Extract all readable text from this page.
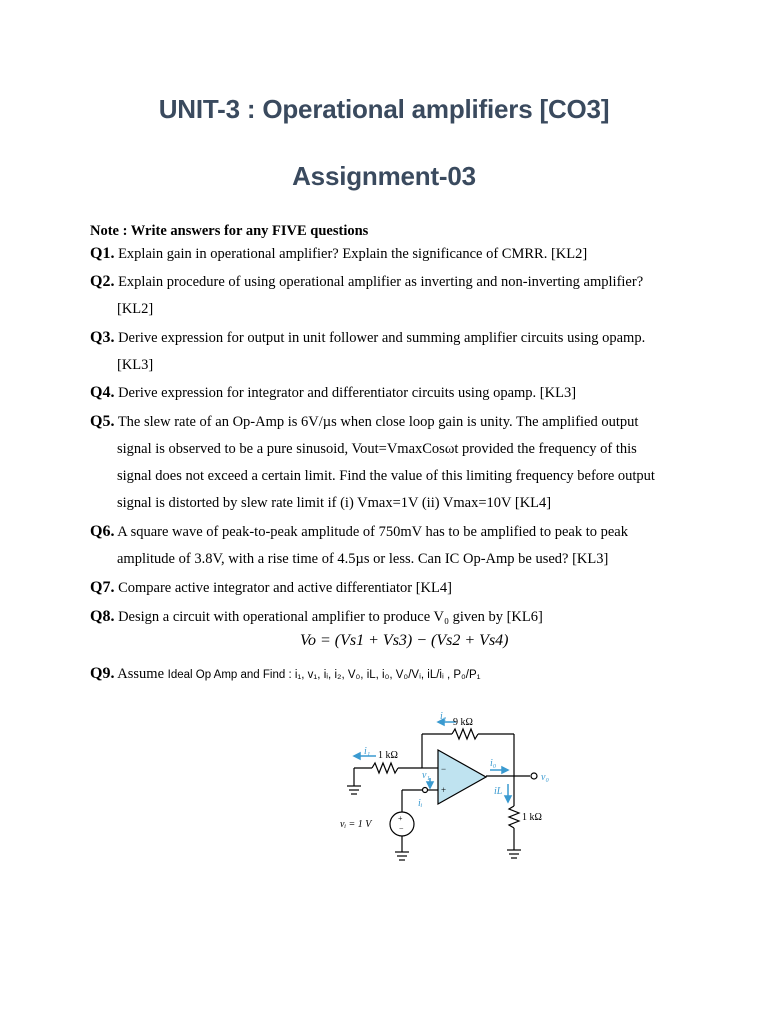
UNIT-3 : Operational amplifiers [CO3]
Assignment-03
Note : Write answers for any FIVE questions
Q1. Explain gain in operational amplifier? Explain the significance of CMRR. [KL2]
Q2. Explain procedure of using operational amplifier as inverting and non-inverting amplifier?
[KL2]
Q3. Derive expression for output in unit follower and summing amplifier circuits using opamp.
[KL3]
Q4. Derive expression for integrator and differentiator circuits using opamp. [KL3]
Q5. The slew rate of an Op-Amp is 6V/µs when close loop gain is unity. The amplified output
signal is observed to be a pure sinusoid, Vout=VmaxCosωt provided the frequency of this
signal does not exceed a certain limit. Find the value of this limiting frequency before output
signal is distorted by slew rate limit if (i) Vmax=1V (ii) Vmax=10V [KL4]
Q6. A square wave of peak-to-peak amplitude of 750mV has to be amplified to peak to peak
amplitude of 3.8V, with a rise time of 4.5µs or less. Can IC Op-Amp be used? [KL3]
Q7. Compare active integrator and active differentiator [KL4]
Q8. Design a circuit with operational amplifier to produce V₀ given by [KL6]
Vo = (Vs1 + Vs3) − (Vs2 + Vs4)
Q9. Assume Ideal Op Amp and Find : i₁, v₁, iᵢ, i₂, V₀, iL, i₀, V₀/Vᵢ, iL/iᵢ , P₀/P₁
9 kΩ
1 kΩ
1 kΩ
vᵢ = 1 V
i₁
i₂
iᵢ
i₀
iL
v₁	v₀
−
+
+
−
